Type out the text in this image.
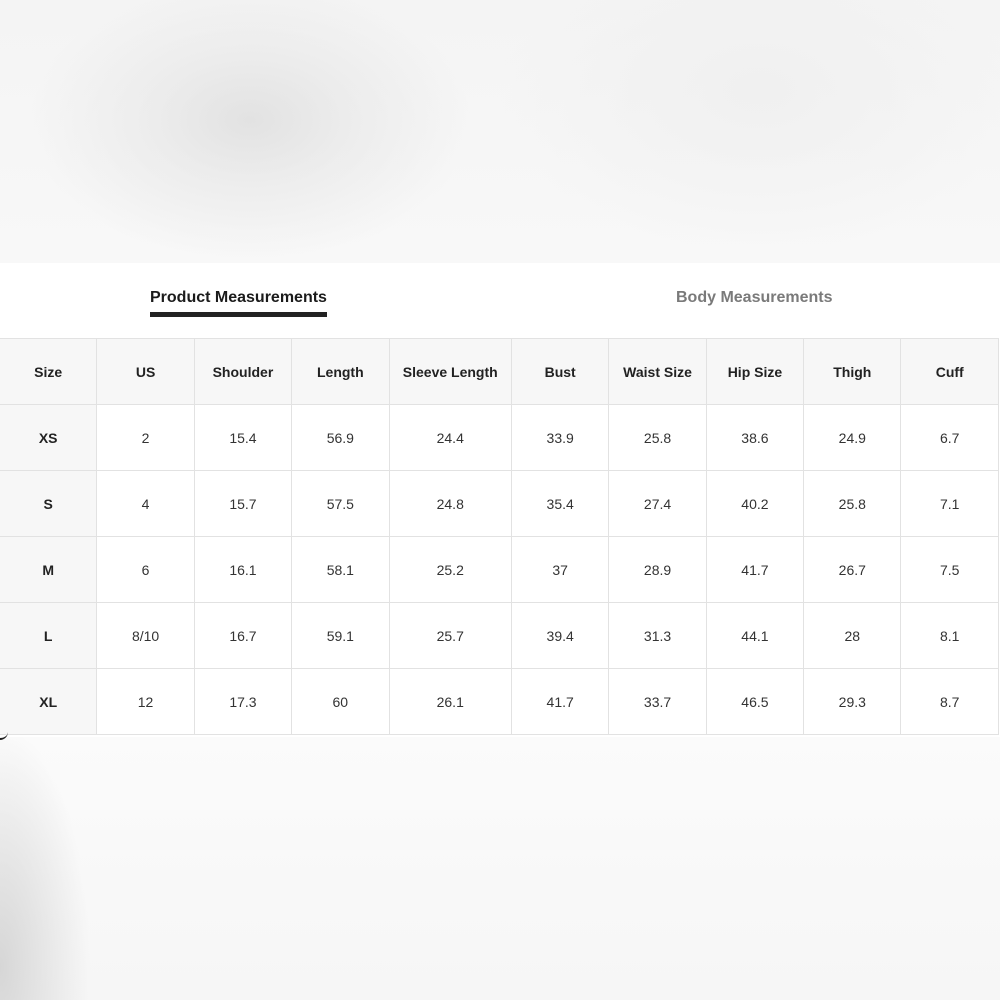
Product Measurements	Body Measurements
Size	US	Shoulder	Length	Sleeve Length	Bust	Waist Size	Hip Size	Thigh	Cuff
XS	2	15.4	56.9	24.4	33.9	25.8	38.6	24.9	6.7
S	4	15.7	57.5	24.8	35.4	27.4	40.2	25.8	7.1
M	6	16.1	58.1	25.2	37	28.9	41.7	26.7	7.5
L	8/10	16.7	59.1	25.7	39.4	31.3	44.1	28	8.1
XL	12	17.3	60	26.1	41.7	33.7	46.5	29.3	8.7
